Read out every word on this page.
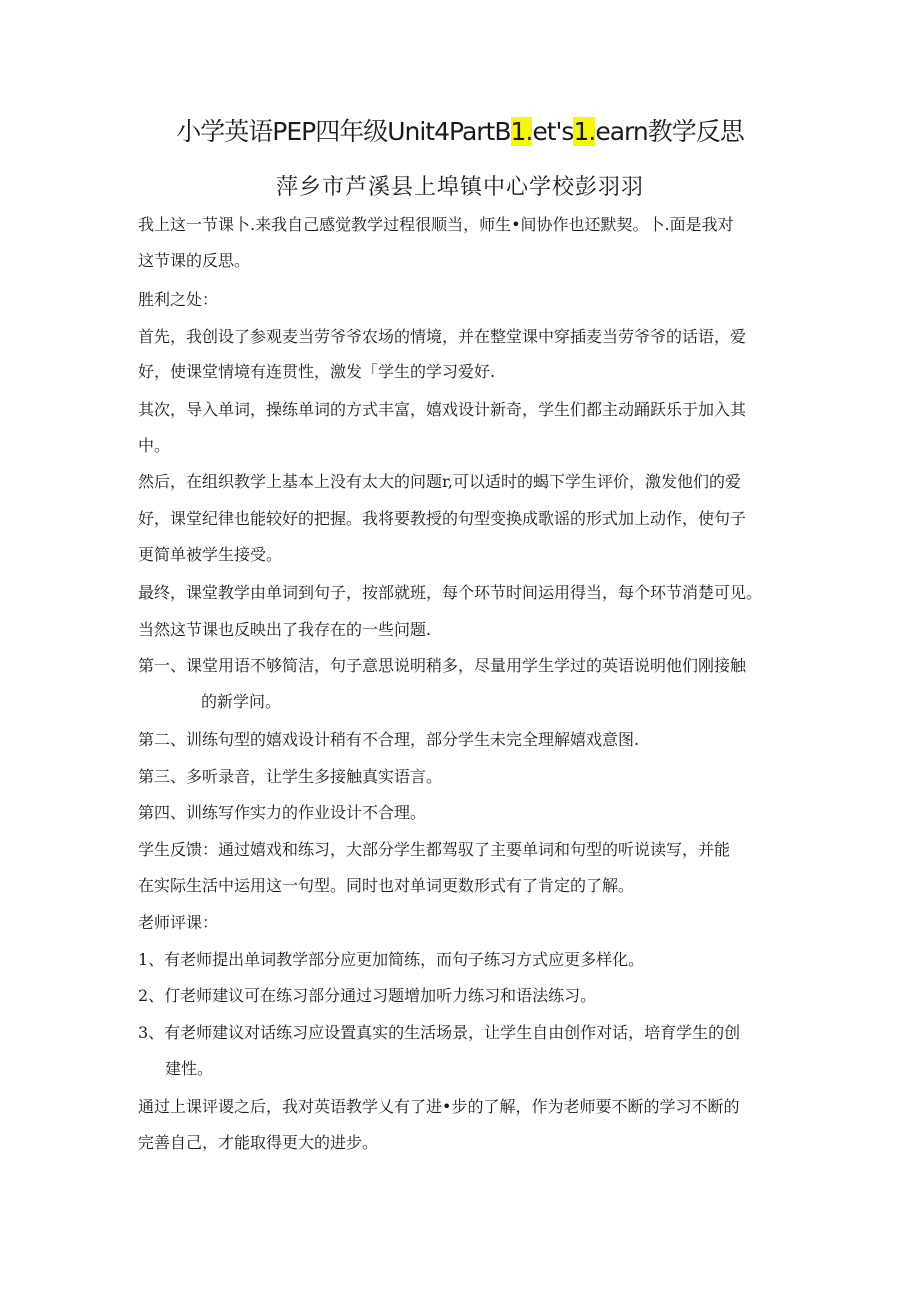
小学英语PEP四年级Unit4PartB1.et's1.earn教学反思
萍乡市芦溪县上埠镇中心学校彭羽羽
我上这一节课卜.来我自己感觉教学过程很顺当，师生•间协作也还默契。卜.面是我对
这节课的反思。
胜利之处：
首先，我创设了参观麦当劳爷爷农场的情境，并在整堂课中穿插麦当劳爷爷的话语，爱
好，使课堂情境有连贯性，激发「学生的学习爱好.
其次，导入单词，操练单词的方式丰富，嬉戏设计新奇，学生们都主动踊跃乐于加入其
中。
然后，在组织教学上基本上没有太大的问题r,可以适时的蝎下学生评价，激发他们的爱
好，课堂纪律也能较好的把握。我将要教授的句型变换成歌谣的形式加上动作，使句子
更简单被学生接受。
最终，课堂教学由单词到句子，按部就班，每个环节时间运用得当，每个环节消楚可见。
当然这节课也反映出了我存在的一些问题.
第一、课堂用语不够简洁，句子意思说明稍多，尽量用学生学过的英语说明他们刚接触
的新学问。
第二、训练句型的嬉戏设计稍有不合理，部分学生未完全理解嬉戏意图.
第三、多听录音，让学生多接触真实语言。
第四、训练写作实力的作业设计不合理。
学生反馈：通过嬉戏和练习，大部分学生都驾驭了主要单词和句型的听说读写，并能
在实际生活中运用这一句型。同时也对单词更数形式有了肯定的了解。
老师评课：
1、有老师提出单词教学部分应更加简练，而句子练习方式应更多样化。
2、仃老师建议可在练习部分通过习题增加听力练习和语法练习。
3、有老师建议对话练习应设置真实的生活场景，让学生自由创作对话，培育学生的创
建性。
通过上课评谡之后，我对英语教学乂有了进•步的了解，作为老师要不断的学习不断的
完善自己，才能取得更大的进步。
